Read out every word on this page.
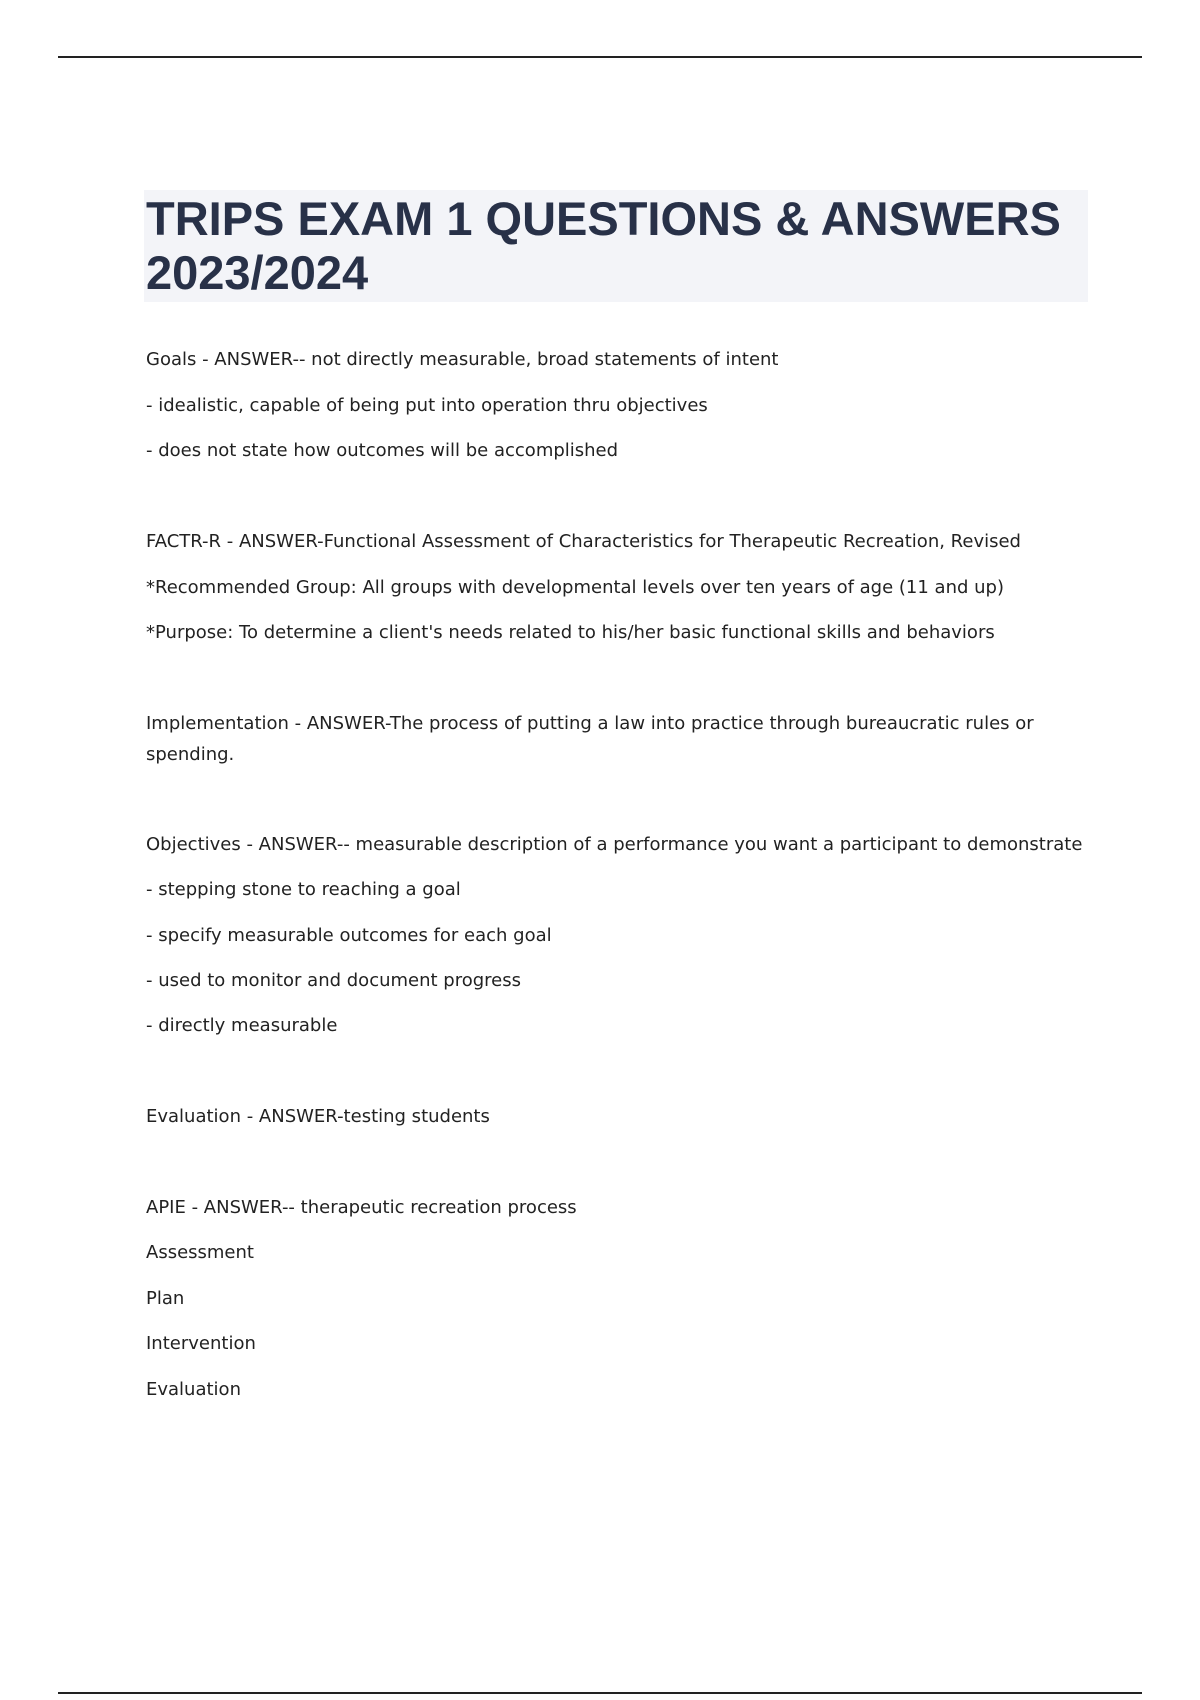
TRIPS EXAM 1 QUESTIONS & ANSWERS
2023/2024
Goals - ANSWER-- not directly measurable, broad statements of intent
- idealistic, capable of being put into operation thru objectives
- does not state how outcomes will be accomplished
FACTR-R - ANSWER-Functional Assessment of Characteristics for Therapeutic Recreation, Revised
*Recommended Group: All groups with developmental levels over ten years of age (11 and up)
*Purpose: To determine a client's needs related to his/her basic functional skills and behaviors
Implementation - ANSWER-The process of putting a law into practice through bureaucratic rules or
spending.
Objectives - ANSWER-- measurable description of a performance you want a participant to demonstrate
- stepping stone to reaching a goal
- specify measurable outcomes for each goal
- used to monitor and document progress
- directly measurable
Evaluation - ANSWER-testing students
APIE - ANSWER-- therapeutic recreation process
Assessment
Plan
Intervention
Evaluation
